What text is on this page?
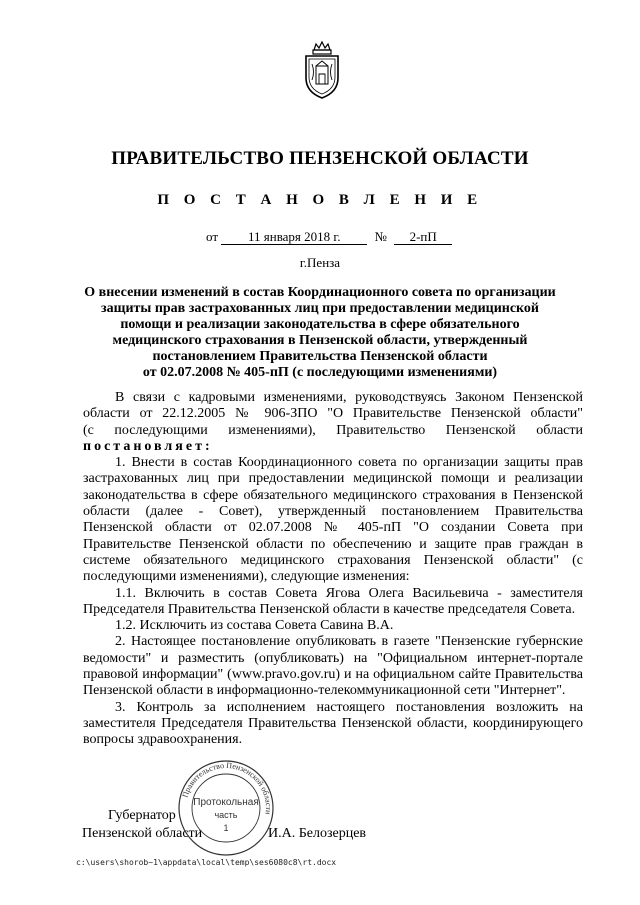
ПРАВИТЕЛЬСТВО ПЕНЗЕНСКОЙ ОБЛАСТИ
П О С Т А Н О В Л Е Н И Е
от 11 января 2018 г.	№ 2-пП
г.Пенза
О внесении изменений в состав Координационного совета по организации
защиты прав застрахованных лиц при предоставлении медицинской
помощи и реализации законодательства в сфере обязательного
медицинского страхования в Пензенской области, утвержденный
постановлением Правительства Пензенской области
от 02.07.2008 № 405-пП (с последующими изменениями)
В связи с кадровыми изменениями, руководствуясь Законом Пензенской
области от 22.12.2005 № 906-ЗПО "О Правительстве Пензенской области"
(с последующими изменениями), Правительство Пензенской области

постановляет:

1. Внести в состав Координационного совета по организации защиты прав застрахованных лиц при предоставлении медицинской помощи и реализации законодательства в сфере обязательного медицинского страхования в Пензенской области (далее - Совет), утвержденный постановлением Правительства Пензенской области от 02.07.2008 № 405-пП "О создании Совета при Правительстве Пензенской области по обеспечению и защите прав граждан в системе обязательного медицинского страхования Пензенской области" (с последующими изменениями), следующие изменения:

1.1. Включить в состав Совета Ягова Олега Васильевича - заместителя Председателя Правительства Пензенской области в качестве председателя Совета.

1.2. Исключить из состава Совета Савина В.А.

2. Настоящее постановление опубликовать в газете "Пензенские губернские ведомости" и разместить (опубликовать) на "Официальном интернет-портале правовой информации" (www.pravo.gov.ru) и на официальном сайте Правительства Пензенской области в информационно-телекоммуникационной сети "Интернет".

3. Контроль за исполнением настоящего постановления возложить на заместителя Председателя Правительства Пензенской области, координирующего вопросы здравоохранения.

Губернатор
Пензенской области	И.А. Белозерцев
Правительство Пензенской области
Протокольная
часть
1
c:\users\shorob~1\appdata\local\temp\ses6080c8\rt.docx
